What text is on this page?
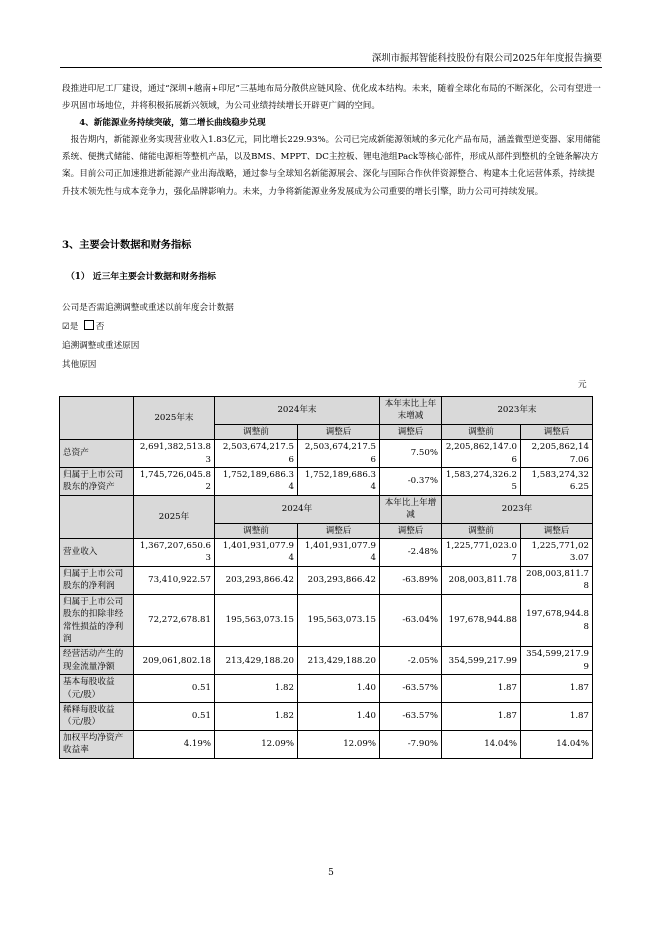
深圳市振邦智能科技股份有限公司2025年年度报告摘要
段推进印尼工厂建设，通过“深圳+越南+印尼”三基地布局分散供应链风险、优化成本结构。未来，随着全球化布局的不断深化，公司有望进一步巩固市场地位，并将积极拓展新兴领域，为公司业绩持续增长开辟更广阔的空间。
4、新能源业务持续突破，第二增长曲线稳步兑现
报告期内，新能源业务实现营业收入1.83亿元，同比增长229.93%。公司已完成新能源领域的多元化产品布局，涵盖微型逆变器、家用储能系统、便携式储能、储能电源柜等整机产品，以及BMS、MPPT、DC主控板、锂电池组Pack等核心部件，形成从部件到整机的全链条解决方案。目前公司正加速推进新能源产业出海战略，通过参与全球知名新能源展会、深化与国际合作伙伴资源整合、构建本土化运营体系，持续提升技术领先性与成本竞争力，强化品牌影响力。未来，力争将新能源业务发展成为公司重要的增长引擎，助力公司可持续发展。
3、主要会计数据和财务指标
（1） 近三年主要会计数据和财务指标
公司是否需追溯调整或重述以前年度会计数据
☑是 否
追溯调整或重述原因
其他原因
元
	2025年末	2024年末		本年末比上年末增减	2023年末	
		调整前	调整后	调整后	调整前	调整后
总资产	2,691,382,513.83	2,503,674,217.56	2,503,674,217.56	7.50%	2,205,862,147.06	2,205,862,147.06
归属于上市公司股东的净资产	1,745,726,045.82	1,752,189,686.34	1,752,189,686.34	-0.37%	1,583,274,326.25	1,583,274,326.25
	2025年	2024年		本年比上年增减	2023年	
		调整前	调整后	调整后	调整前	调整后
营业收入	1,367,207,650.63	1,401,931,077.94	1,401,931,077.94	-2.48%	1,225,771,023.07	1,225,771,023.07
归属于上市公司股东的净利润	73,410,922.57	203,293,866.42	203,293,866.42	-63.89%	208,003,811.78	208,003,811.78
归属于上市公司股东的扣除非经常性损益的净利润	72,272,678.81	195,563,073.15	195,563,073.15	-63.04%	197,678,944.88	197,678,944.88
经营活动产生的现金流量净额	209,061,802.18	213,429,188.20	213,429,188.20	-2.05%	354,599,217.99	354,599,217.99
基本每股收益（元/股）	0.51	1.82	1.40	-63.57%	1.87	1.87
稀释每股收益（元/股）	0.51	1.82	1.40	-63.57%	1.87	1.87
加权平均净资产收益率	4.19%	12.09%	12.09%	-7.90%	14.04%	14.04%
5
